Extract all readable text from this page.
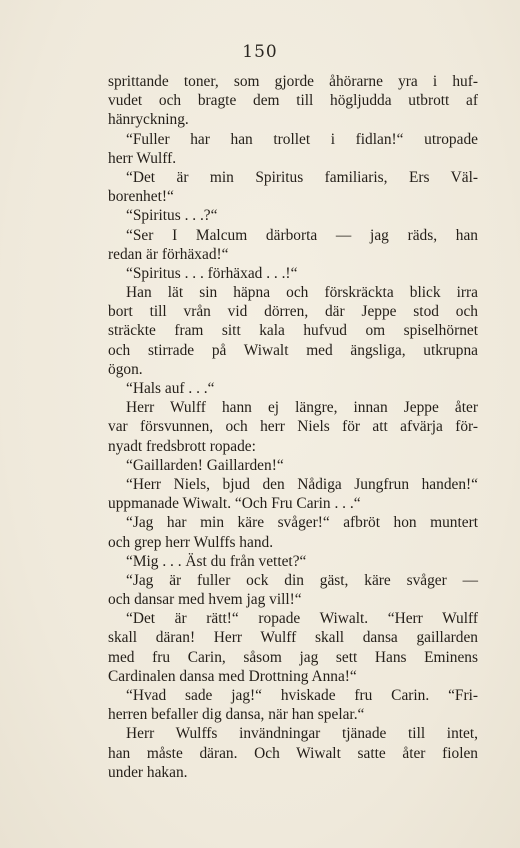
150
sprittande toner, som gjorde åhörarne yra i huf-
vudet och bragte dem till högljudda utbrott af
hänryckning.
“Fuller har han trollet i fidlan!“ utropade
herr Wulff.
“Det är min Spiritus familiaris, Ers Väl-
borenhet!“
“Spiritus . . .?“
“Ser I Malcum därborta — jag räds, han
redan är förhäxad!“
“Spiritus . . . förhäxad . . .!“
Han lät sin häpna och förskräckta blick irra
bort till vrån vid dörren, där Jeppe stod och
sträckte fram sitt kala hufvud om spiselhörnet
och stirrade på Wiwalt med ängsliga, utkrupna
ögon.
“Hals auf . . .“
Herr Wulff hann ej längre, innan Jeppe åter
var försvunnen, och herr Niels för att afvärja för-
nyadt fredsbrott ropade:
“Gaillarden! Gaillarden!“
“Herr Niels, bjud den Nådiga Jungfrun handen!“
uppmanade Wiwalt. “Och Fru Carin . . .“
“Jag har min käre svåger!“ afbröt hon muntert
och grep herr Wulffs hand.
“Mig . . . Äst du från vettet?“
“Jag är fuller ock din gäst, käre svåger —
och dansar med hvem jag vill!“
“Det är rätt!“ ropade Wiwalt. “Herr Wulff
skall däran! Herr Wulff skall dansa gaillarden
med fru Carin, såsom jag sett Hans Eminens
Cardinalen dansa med Drottning Anna!“
“Hvad sade jag!“ hviskade fru Carin. “Fri-
herren befaller dig dansa, när han spelar.“
Herr Wulffs invändningar tjänade till intet,
han måste däran. Och Wiwalt satte åter fiolen
under hakan.
